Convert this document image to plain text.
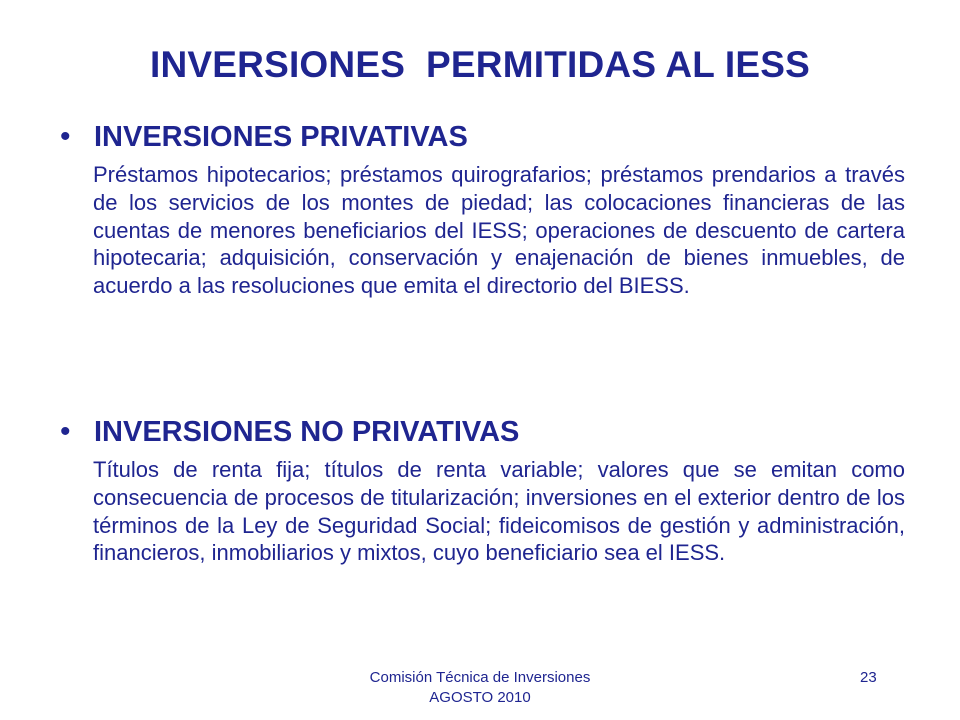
INVERSIONES  PERMITIDAS AL IESS
• INVERSIONES PRIVATIVAS
Préstamos hipotecarios; préstamos quirografarios; préstamos prendarios a través de los servicios de los montes de piedad; las colocaciones financieras de las cuentas de menores beneficiarios del IESS; operaciones de descuento de cartera hipotecaria; adquisición, conservación y enajenación de bienes inmuebles, de acuerdo a las resoluciones que emita el directorio del BIESS.
• INVERSIONES NO PRIVATIVAS
Títulos de renta fija; títulos de renta variable; valores que se emitan como consecuencia de procesos de titularización; inversiones en el exterior dentro de los términos de la Ley de Seguridad Social; fideicomisos de gestión y administración, financieros, inmobiliarios y mixtos, cuyo beneficiario sea el IESS.
Comisión Técnica de Inversiones
AGOSTO 2010
23
